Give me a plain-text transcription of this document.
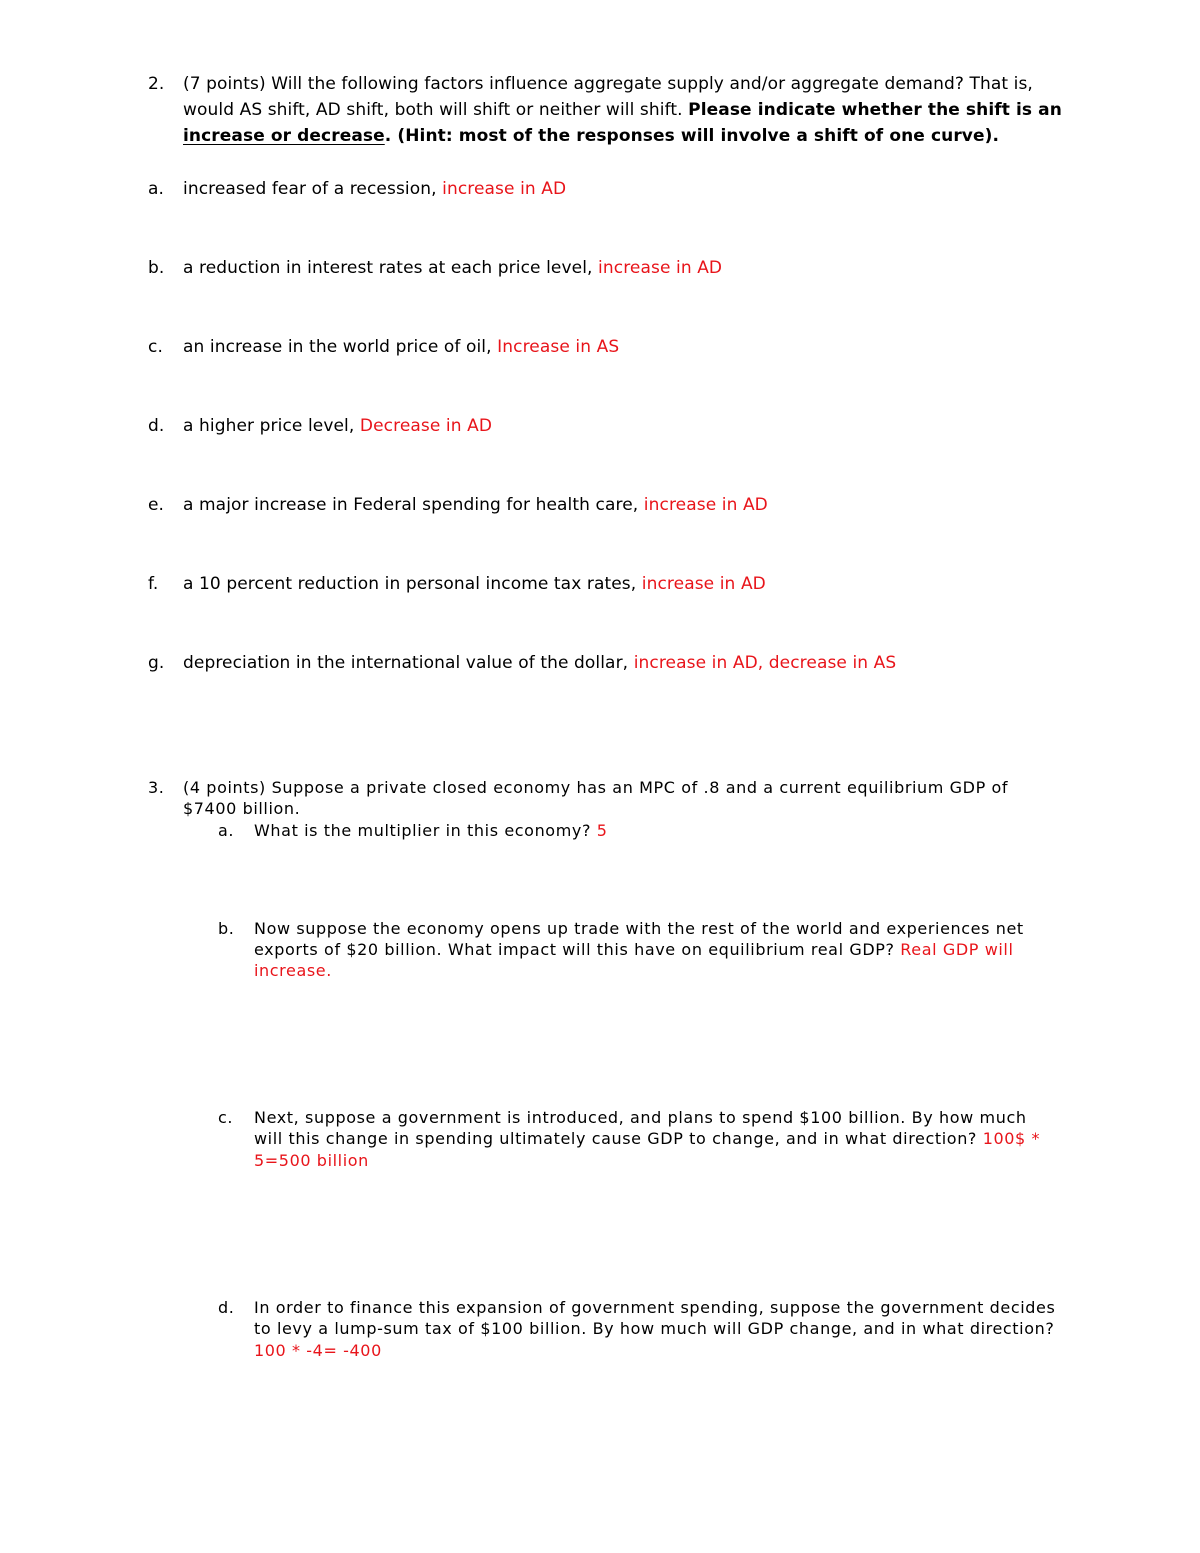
2. (7 points) Will the following factors influence aggregate supply and/or aggregate demand? That is,
would AS shift, AD shift, both will shift or neither will shift. Please indicate whether the shift is an
increase or decrease. (Hint: most of the responses will involve a shift of one curve).
a. increased fear of a recession, increase in AD
b. a reduction in interest rates at each price level, increase in AD
c. an increase in the world price of oil, Increase in AS
d. a higher price level, Decrease in AD
e. a major increase in Federal spending for health care, increase in AD
f. a 10 percent reduction in personal income tax rates, increase in AD
g. depreciation in the international value of the dollar, increase in AD, decrease in AS
3. (4 points) Suppose a private closed economy has an MPC of .8 and a current equilibrium GDP of
$7400 billion.
a. What is the multiplier in this economy? 5
b. Now suppose the economy opens up trade with the rest of the world and experiences net
exports of $20 billion. What impact will this have on equilibrium real GDP? Real GDP will
increase.
c. Next, suppose a government is introduced, and plans to spend $100 billion. By how much
will this change in spending ultimately cause GDP to change, and in what direction? 100$ *
5=500 billion
d. In order to finance this expansion of government spending, suppose the government decides
to levy a lump-sum tax of $100 billion. By how much will GDP change, and in what direction?
100 * -4= -400
